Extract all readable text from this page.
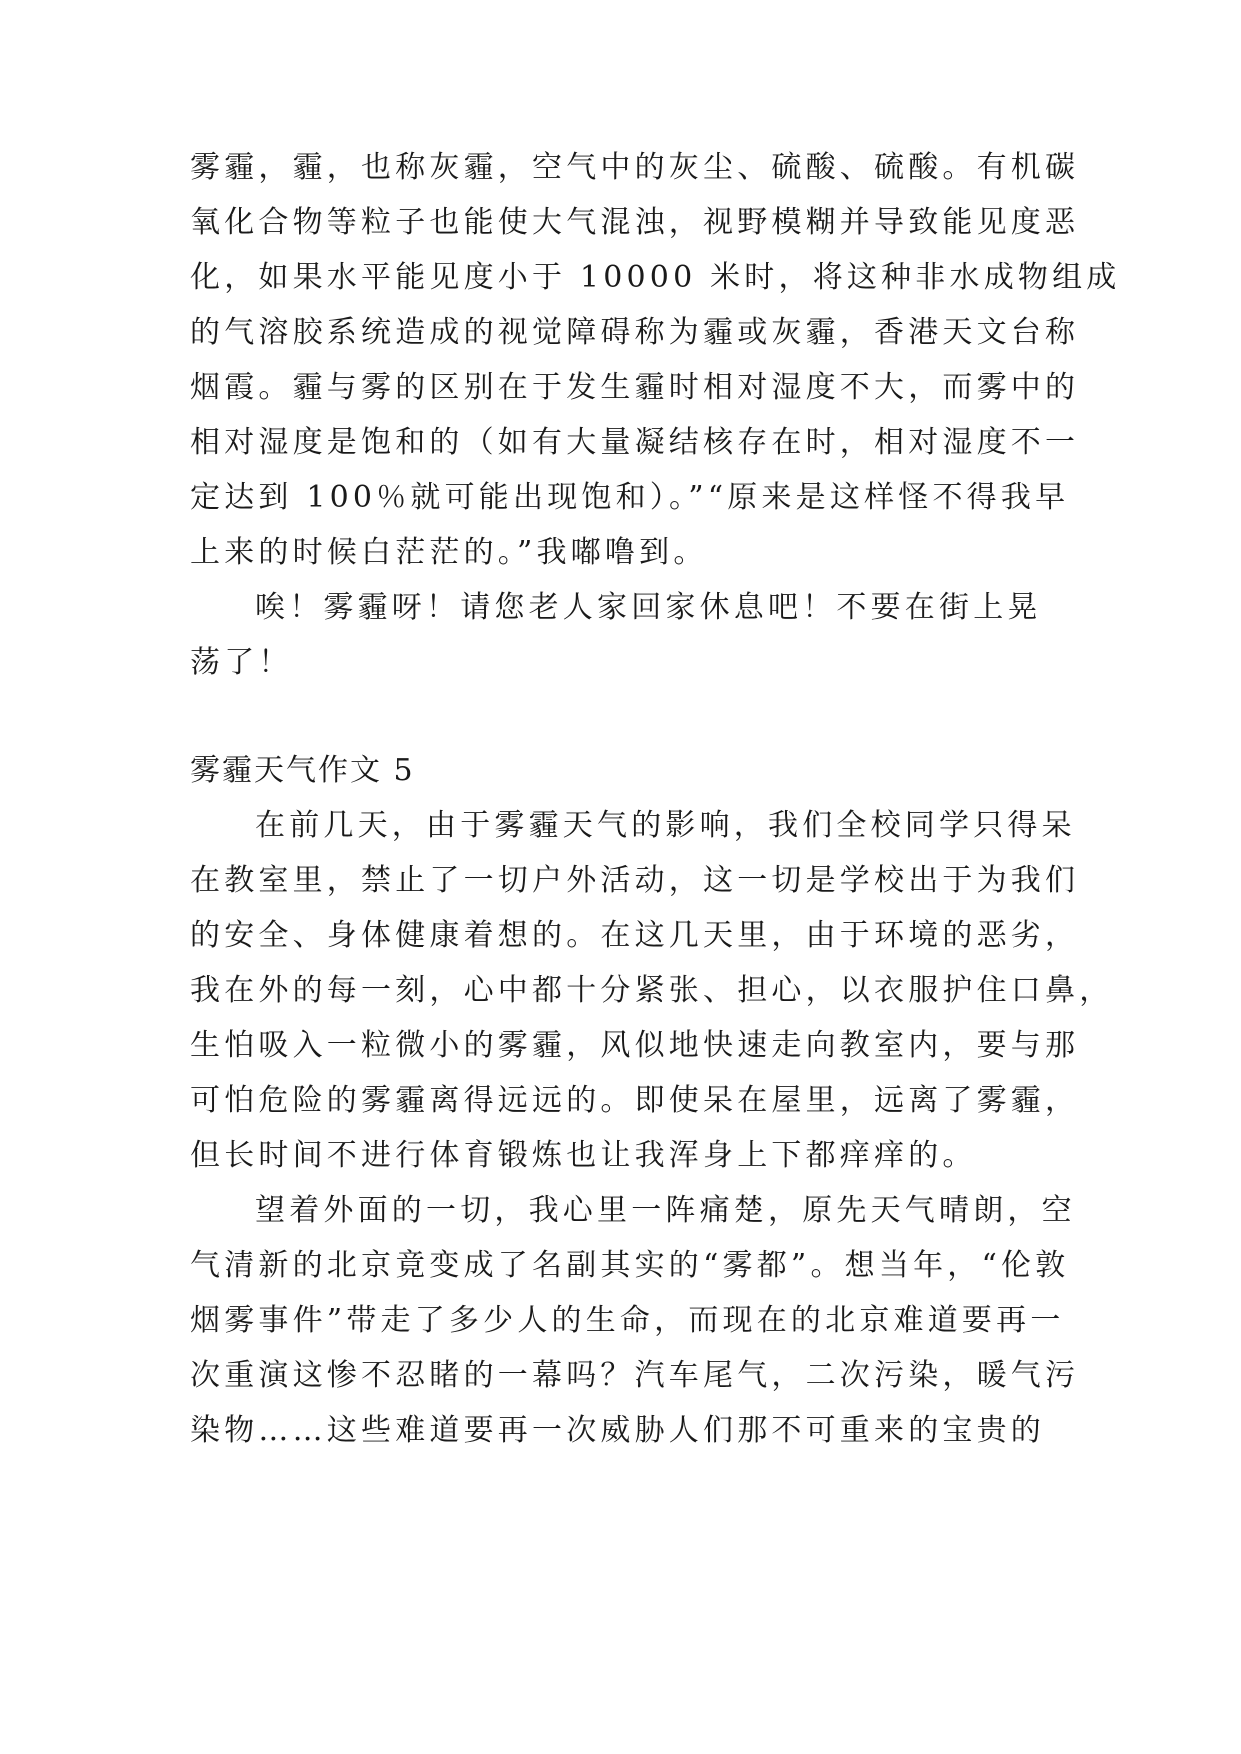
雾霾，霾，也称灰霾，空气中的灰尘、硫酸、硫酸。有机碳
氧化合物等粒子也能使大气混浊，视野模糊并导致能见度恶
化，如果水平能见度小于 10000 米时，将这种非水成物组成
的气溶胶系统造成的视觉障碍称为霾或灰霾，香港天文台称
烟霞。霾与雾的区别在于发生霾时相对湿度不大，而雾中的
相对湿度是饱和的（如有大量凝结核存在时，相对湿度不一
定达到 100％就可能出现饱和）。”“原来是这样怪不得我早
上来的时候白茫茫的。”我嘟噜到。
唉！雾霾呀！请您老人家回家休息吧！不要在街上晃
荡了！
雾霾天气作文 5
在前几天，由于雾霾天气的影响，我们全校同学只得呆
在教室里，禁止了一切户外活动，这一切是学校出于为我们
的安全、身体健康着想的。在这几天里，由于环境的恶劣，
我在外的每一刻，心中都十分紧张、担心，以衣服护住口鼻，
生怕吸入一粒微小的雾霾，风似地快速走向教室内，要与那
可怕危险的雾霾离得远远的。即使呆在屋里，远离了雾霾，
但长时间不进行体育锻炼也让我浑身上下都痒痒的。
望着外面的一切，我心里一阵痛楚，原先天气晴朗，空
气清新的北京竟变成了名副其实的“雾都”。想当年，“伦敦
烟雾事件”带走了多少人的生命，而现在的北京难道要再一
次重演这惨不忍睹的一幕吗？汽车尾气，二次污染，暖气污
染物……这些难道要再一次威胁人们那不可重来的宝贵的
